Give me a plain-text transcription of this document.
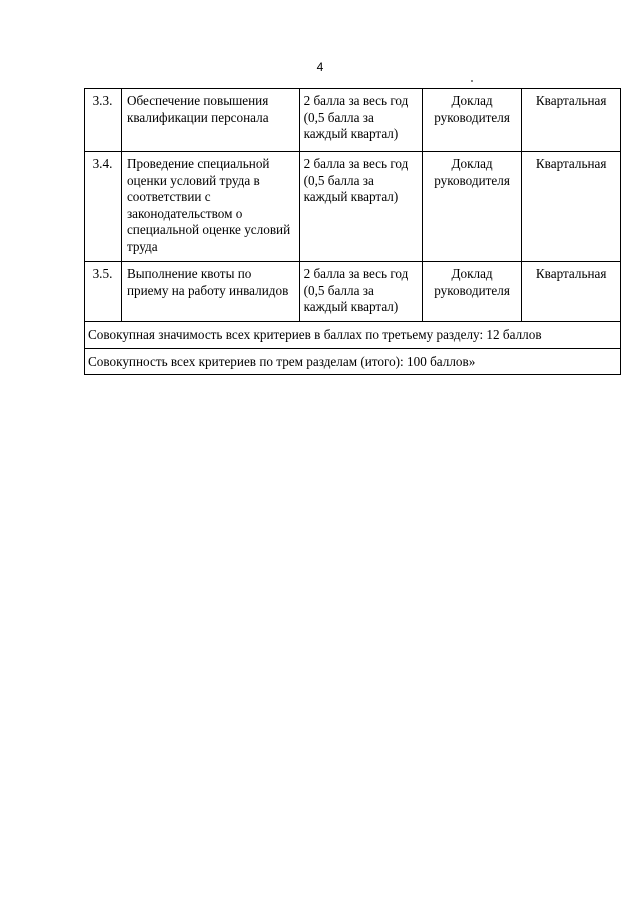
4
3.3.	Обеспечение повышения квалификации персонала	2 балла за весь год (0,5 балла за каждый квартал)	Доклад руководителя	Квартальная
3.4.	Проведение специальной оценки условий труда в соответствии с законодательством о специальной оценке условий труда	2 балла за весь год (0,5 балла за каждый квартал)	Доклад руководителя	Квартальная
3.5.	Выполнение квоты по приему на работу инвалидов	2 балла за весь год (0,5 балла за каждый квартал)	Доклад руководителя	Квартальная
Совокупная значимость всех критериев в баллах по третьему разделу: 12 баллов				
Совокупность всех критериев по трем разделам (итого): 100 баллов»				
